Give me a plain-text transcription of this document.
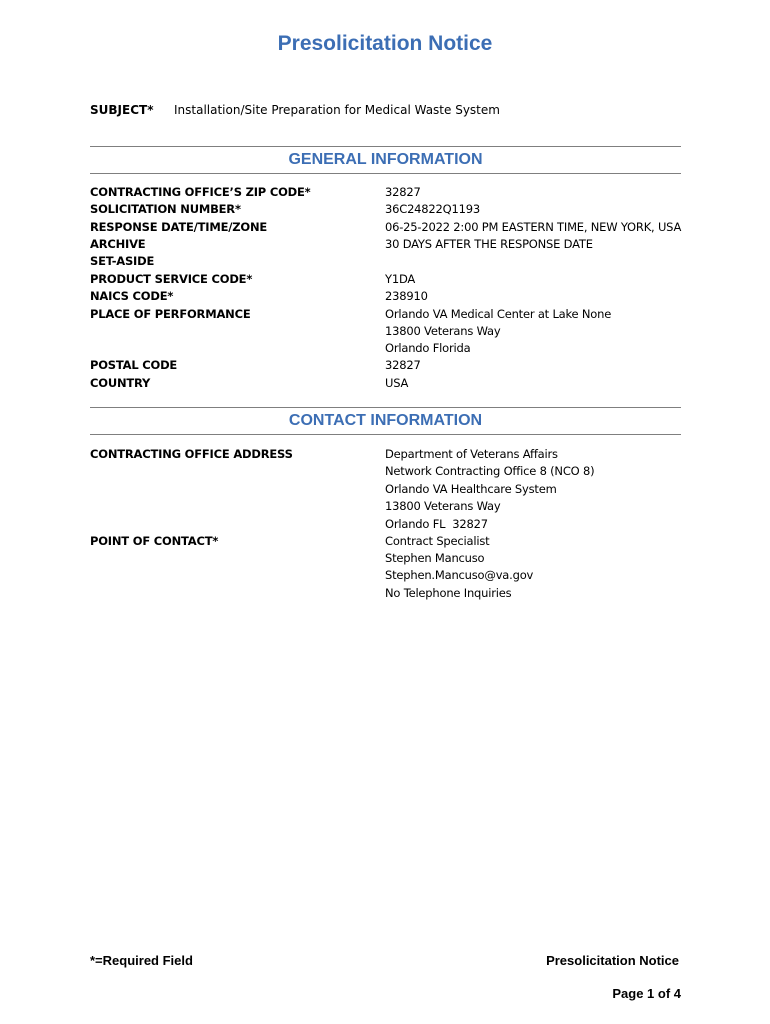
Presolicitation Notice
SUBJECT* Installation/Site Preparation for Medical Waste System
GENERAL INFORMATION
CONTRACTING OFFICE’S ZIP CODE*	32827
SOLICITATION NUMBER*	36C24822Q1193
RESPONSE DATE/TIME/ZONE	06-25-2022 2:00 PM EASTERN TIME, NEW YORK, USA
ARCHIVE	30 DAYS AFTER THE RESPONSE DATE
SET-ASIDE
PRODUCT SERVICE CODE*	Y1DA
NAICS CODE*	238910
PLACE OF PERFORMANCE	Orlando VA Medical Center at Lake None
13800 Veterans Way
Orlando Florida
POSTAL CODE	32827
COUNTRY	USA
CONTACT INFORMATION
CONTRACTING OFFICE ADDRESS	Department of Veterans Affairs
Network Contracting Office 8 (NCO 8)
Orlando VA Healthcare System
13800 Veterans Way
Orlando FL  32827
POINT OF CONTACT*	Contract Specialist
Stephen Mancuso
Stephen.Mancuso@va.gov
No Telephone Inquiries
*=Required Field	Presolicitation Notice
Page 1 of 4
